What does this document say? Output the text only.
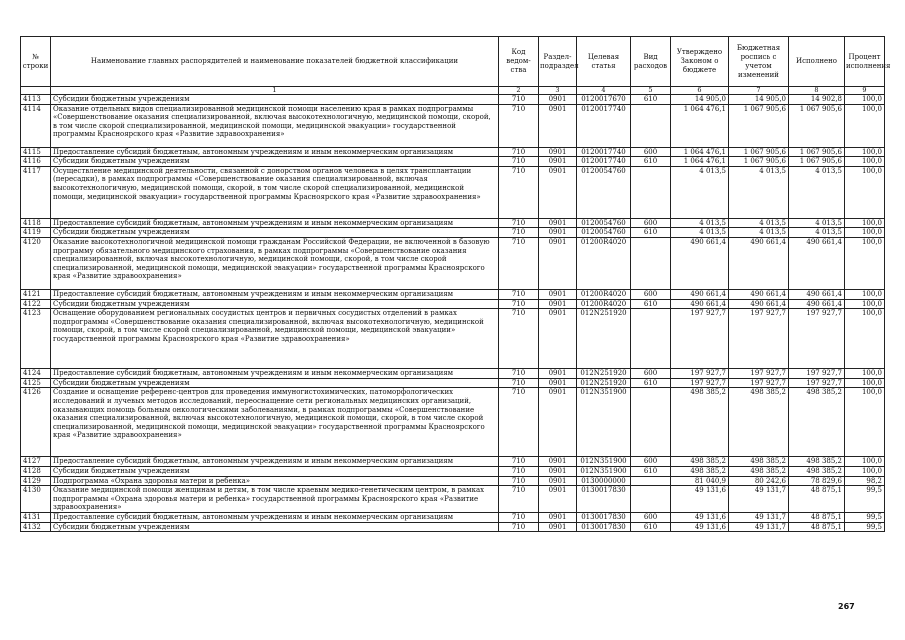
№ строки	Наименование главных распорядителей и наименование показателей бюджетной классификации	Код ведом-ства	Раздел-подраздел	Целевая статья	Вид расходов	Утверждено Законом о бюджете	Бюджетная роспись с учетом изменений	Исполнено	Процент исполнения
	1	2	3	4	5	6	7	8	9
4113	Субсидии бюджетным учреждениям	710	0901	0120017670	610	14 905,0	14 905,0	14 902,8	100,0
4114	Оказание отдельных видов специализированной медицинской помощи населению края в рамках подпрограммы «Совершенствование оказания специализированной, включая высокотехнологичную, медицинской помощи, скорой, в том числе скорой специализированной, медицинской помощи, медицинской эвакуации» государственной программы Красноярского края «Развитие здравоохранения»	710	0901	0120017740		1 064 476,1	1 067 905,6	1 067 905,6	100,0
4115	Предоставление субсидий бюджетным, автономным учреждениям и иным некоммерческим организациям	710	0901	0120017740	600	1 064 476,1	1 067 905,6	1 067 905,6	100,0
4116	Субсидии бюджетным учреждениям	710	0901	0120017740	610	1 064 476,1	1 067 905,6	1 067 905,6	100,0
4117	Осуществление медицинской деятельности, связанной с донорством органов человека в целях трансплантации (пересадки), в рамках подпрограммы «Совершенствование оказания специализированной, включая высокотехнологичную, медицинской помощи, скорой, в том числе скорой специализированной, медицинской помощи, медицинской эвакуации» государственной программы Красноярского края «Развитие здравоохранения»	710	0901	0120054760		4 013,5	4 013,5	4 013,5	100,0
4118	Предоставление субсидий бюджетным, автономным учреждениям и иным некоммерческим организациям	710	0901	0120054760	600	4 013,5	4 013,5	4 013,5	100,0
4119	Субсидии бюджетным учреждениям	710	0901	0120054760	610	4 013,5	4 013,5	4 013,5	100,0
4120	Оказание высокотехнологичной медицинской помощи гражданам Российской Федерации, не включенной в базовую программу обязательного медицинского страхования, в рамках подпрограммы «Совершенствование оказания специализированной, включая высокотехнологичную, медицинской помощи, скорой, в том числе скорой специализированной, медицинской помощи, медицинской эвакуации» государственной программы Красноярского края «Развитие здравоохранения»	710	0901	01200R4020		490 661,4	490 661,4	490 661,4	100,0
4121	Предоставление субсидий бюджетным, автономным учреждениям и иным некоммерческим организациям	710	0901	01200R4020	600	490 661,4	490 661,4	490 661,4	100,0
4122	Субсидии бюджетным учреждениям	710	0901	01200R4020	610	490 661,4	490 661,4	490 661,4	100,0
4123	Оснащение оборудованием региональных сосудистых центров и первичных сосудистых отделений в рамках подпрограммы «Совершенствование оказания специализированной, включая высокотехнологичную, медицинской помощи, скорой, в том числе скорой специализированной, медицинской помощи, медицинской эвакуации» государственной программы Красноярского края «Развитие здравоохранения»	710	0901	012N251920		197 927,7	197 927,7	197 927,7	100,0
4124	Предоставление субсидий бюджетным, автономным учреждениям и иным некоммерческим организациям	710	0901	012N251920	600	197 927,7	197 927,7	197 927,7	100,0
4125	Субсидии бюджетным учреждениям	710	0901	012N251920	610	197 927,7	197 927,7	197 927,7	100,0
4126	Создание и оснащение референс-центров для проведения иммуногистохимических, патоморфологических исследований и лучевых методов исследований, переоснащение сети региональных медицинских организаций, оказывающих помощь больным онкологическими заболеваниями, в рамках подпрограммы «Совершенствование оказания специализированной, включая высокотехнологичную, медицинской помощи, скорой, в том числе скорой специализированной, медицинской помощи, медицинской эвакуации» государственной программы Красноярского края «Развитие здравоохранения»	710	0901	012N351900		498 385,2	498 385,2	498 385,2	100,0
4127	Предоставление субсидий бюджетным, автономным учреждениям и иным некоммерческим организациям	710	0901	012N351900	600	498 385,2	498 385,2	498 385,2	100,0
4128	Субсидии бюджетным учреждениям	710	0901	012N351900	610	498 385,2	498 385,2	498 385,2	100,0
4129	Подпрограмма «Охрана здоровья матери и ребенка»	710	0901	0130000000		81 040,9	80 242,6	78 829,6	98,2
4130	Оказание медицинской помощи женщинам и детям, в том числе краевым медико-генетическим центром, в рамках подпрограммы «Охрана здоровья матери и ребенка» государственной программы Красноярского края «Развитие здравоохранения»	710	0901	0130017830		49 131,6	49 131,7	48 875,1	99,5
4131	Предоставление субсидий бюджетным, автономным учреждениям и иным некоммерческим организациям	710	0901	0130017830	600	49 131,6	49 131,7	48 875,1	99,5
4132	Субсидии бюджетным учреждениям	710	0901	0130017830	610	49 131,6	49 131,7	48 875,1	99,5
267
